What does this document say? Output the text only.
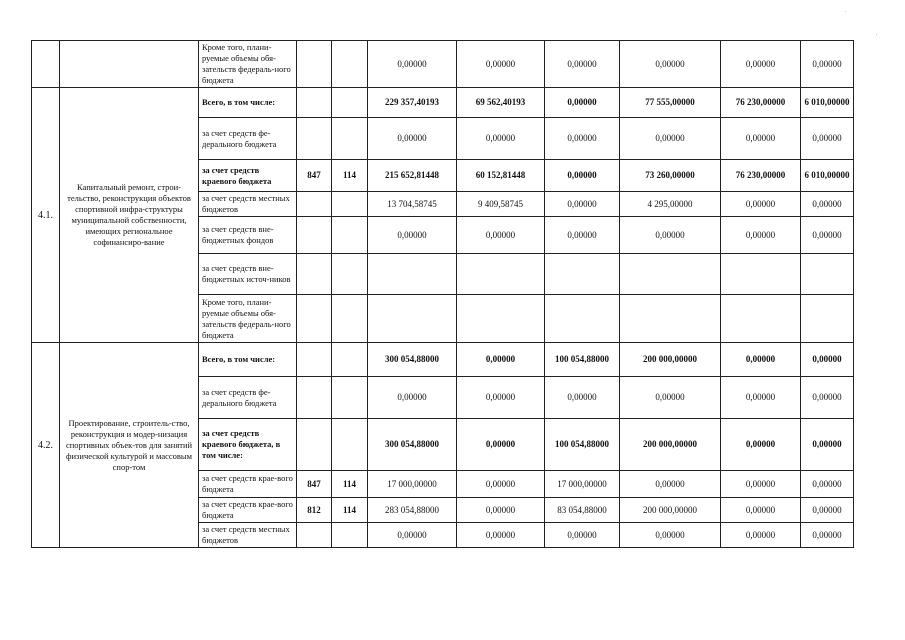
.
'
		Кроме того, плани-руемые объемы обя-зательств федераль-ного бюджета			0,00000	0,00000	0,00000	0,00000	0,00000	0,00000
4.1.	Капитальный ремонт, строи-тельство, реконструкция объектов спортивной инфра-структуры муниципальной собственности, имеющих региональное софинансиро-вание	Всего, в том числе:			229 357,40193	69 562,40193	0,00000	77 555,00000	76 230,00000	6 010,00000
		за счет средств фе-дерального бюджета			0,00000	0,00000	0,00000	0,00000	0,00000	0,00000
		за счет средств краевого бюджета	847	114	215 652,81448	60 152,81448	0,00000	73 260,00000	76 230,00000	6 010,00000
		за счет средств местных бюджетов			13 704,58745	9 409,58745	0,00000	4 295,00000	0,00000	0,00000
		за счет средств вне-бюджетных фондов			0,00000	0,00000	0,00000	0,00000	0,00000	0,00000
		за счет средств вне-бюджетных источ-ников								
		Кроме того, плани-руемые объемы обя-зательств федераль-ного бюджета								
4.2.	Проектирование, строитель-ство, реконструкция и модер-низация спортивных объек-тов для занятий физической культурой и массовым спор-том	Всего, в том числе:			300 054,88000	0,00000	100 054,88000	200 000,00000	0,00000	0,00000
		за счет средств фе-дерального бюджета			0,00000	0,00000	0,00000	0,00000	0,00000	0,00000
		за счет средств краевого бюджета, в том числе:			300 054,88000	0,00000	100 054,88000	200 000,00000	0,00000	0,00000
		за счет средств крае-вого бюджета	847	114	17 000,00000	0,00000	17 000,00000	0,00000	0,00000	0,00000
		за счет средств крае-вого бюджета	812	114	283 054,88000	0,00000	83 054,88000	200 000,00000	0,00000	0,00000
		за счет средств местных бюджетов			0,00000	0,00000	0,00000	0,00000	0,00000	0,00000
